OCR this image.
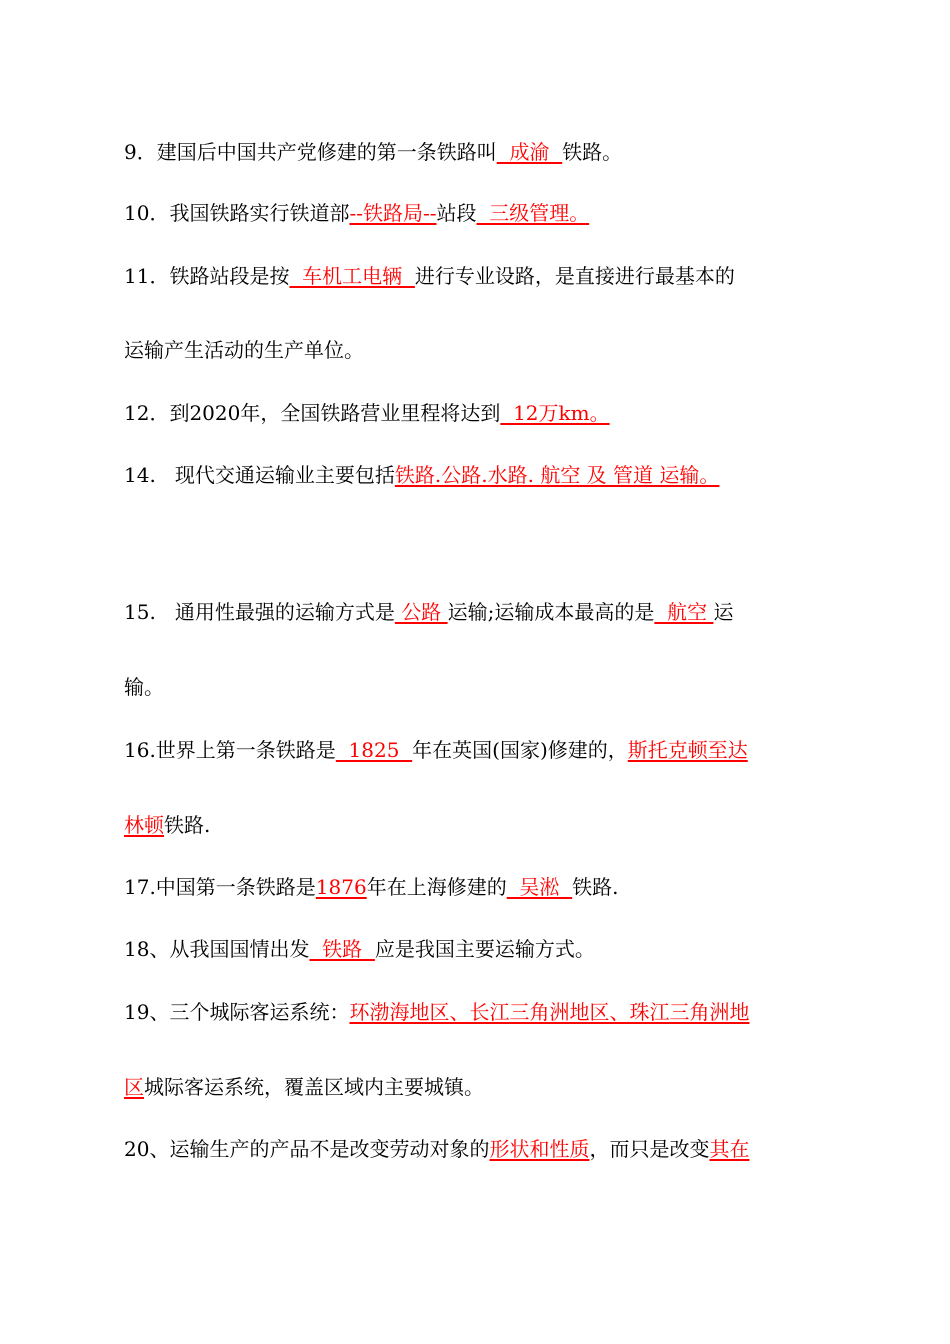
9．建国后中国共产党修建的第一条铁路叫  成渝  铁路。
10．我国铁路实行铁道部--铁路局--站段  三级管理。
11．铁路站段是按  车机工电辆  进行专业设路，是直接进行最基本的
运输产生活动的生产单位。
12．到2020年，全国铁路营业里程将达到  12万km。
14.   现代交通运输业主要包括铁路.公路.水路. 航空 及 管道 运输。
15.   通用性最强的运输方式是 公路 运输;运输成本最高的是  航空 运
输。
16.世界上第一条铁路是  1825  年在英国(国家)修建的，斯托克顿至达
林顿铁路.
17.中国第一条铁路是1876年在上海修建的  吴淞  铁路.
18、从我国国情出发  铁路  应是我国主要运输方式。
19、三个城际客运系统：环渤海地区、长江三角洲地区、珠江三角洲地
区城际客运系统，覆盖区域内主要城镇。
20、运输生产的产品不是改变劳动对象的形状和性质，而只是改变其在
